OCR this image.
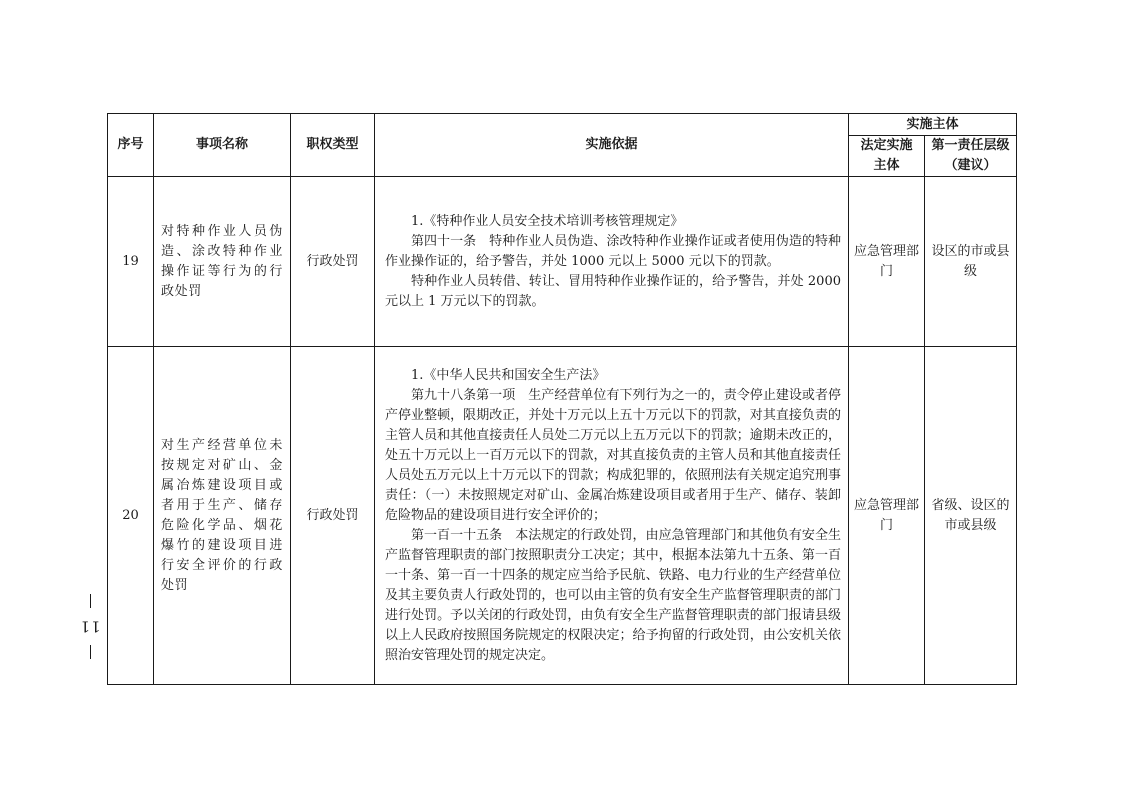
11
序号	事项名称	职权类型	实施依据	实施主体	
				法定实施主体	第一责任层级（建议）
19	对特种作业人员伪造、涂改特种作业操作证等行为的行政处罚	行政处罚	1.《特种作业人员安全技术培训考核管理规定》

第四十一条　特种作业人员伪造、涂改特种作业操作证或者使用伪造的特种作业操作证的，给予警告，并处 1000 元以上 5000 元以下的罚款。

特种作业人员转借、转让、冒用特种作业操作证的，给予警告，并处 2000 元以上 1 万元以下的罚款。	应急管理部门	设区的市或县级
20	对生产经营单位未按规定对矿山、金属冶炼建设项目或者用于生产、储存危险化学品、烟花爆竹的建设项目进行安全评价的行政处罚	行政处罚	1.《中华人民共和国安全生产法》

第九十八条第一项　生产经营单位有下列行为之一的，责令停止建设或者停产停业整顿，限期改正，并处十万元以上五十万元以下的罚款，对其直接负责的主管人员和其他直接责任人员处二万元以上五万元以下的罚款；逾期未改正的，处五十万元以上一百万元以下的罚款，对其直接负责的主管人员和其他直接责任人员处五万元以上十万元以下的罚款；构成犯罪的，依照刑法有关规定追究刑事责任：（一）未按照规定对矿山、金属冶炼建设项目或者用于生产、储存、装卸危险物品的建设项目进行安全评价的；

第一百一十五条　本法规定的行政处罚，由应急管理部门和其他负有安全生产监督管理职责的部门按照职责分工决定；其中，根据本法第九十五条、第一百一十条、第一百一十四条的规定应当给予民航、铁路、电力行业的生产经营单位及其主要负责人行政处罚的，也可以由主管的负有安全生产监督管理职责的部门进行处罚。予以关闭的行政处罚，由负有安全生产监督管理职责的部门报请县级以上人民政府按照国务院规定的权限决定；给予拘留的行政处罚，由公安机关依照治安管理处罚的规定决定。	应急管理部门	省级、设区的市或县级
